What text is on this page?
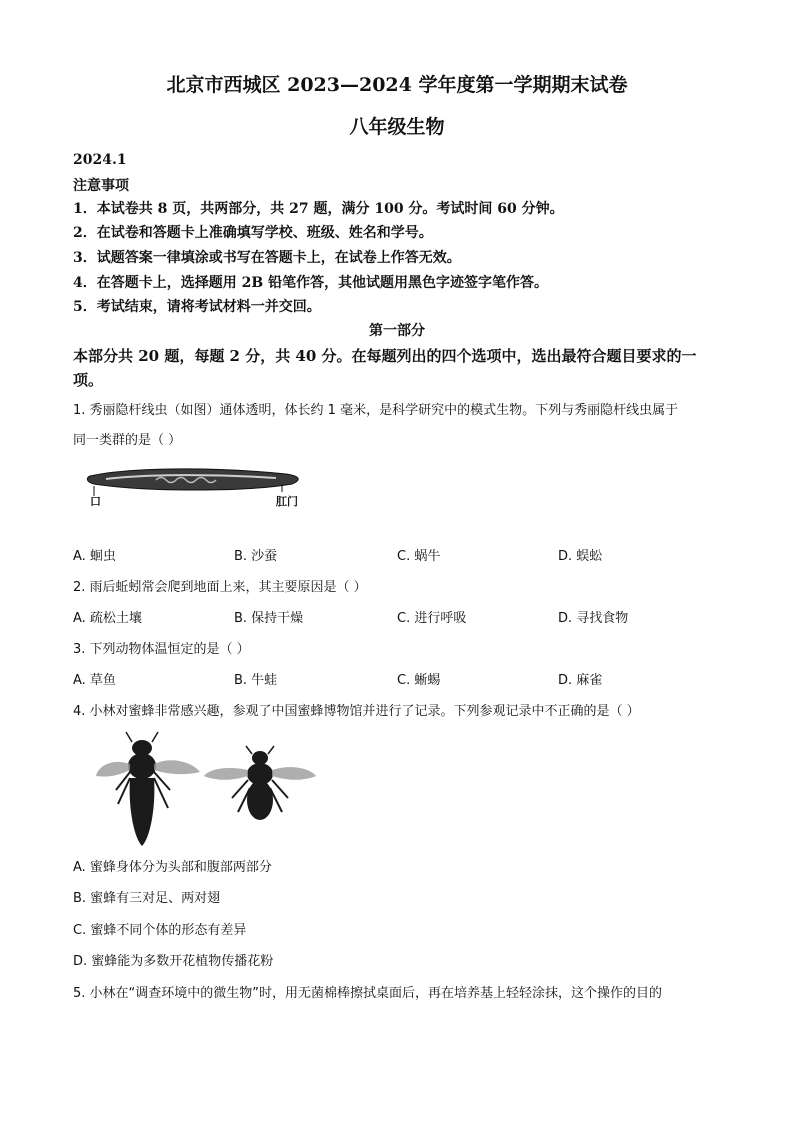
北京市西城区 2023—2024 学年度第一学期期末试卷
八年级生物
2024.1
注意事项
1．本试卷共 8 页，共两部分，共 27 题，满分 100 分。考试时间 60 分钟。
2．在试卷和答题卡上准确填写学校、班级、姓名和学号。
3．试题答案一律填涂或书写在答题卡上，在试卷上作答无效。
4．在答题卡上，选择题用 2B 铅笔作答，其他试题用黑色字迹签字笔作答。
5．考试结束，请将考试材料一并交回。
第一部分
本部分共 20 题，每题 2 分，共 40 分。在每题列出的四个选项中，选出最符合题目要求的一
项。
1. 秀丽隐杆线虫（如图）通体透明，体长约 1 毫米，是科学研究中的模式生物。下列与秀丽隐杆线虫属于
同一类群的是（ ）
口	肛门
A. 蛔虫	B. 沙蚕	C. 蜗牛	D. 蜈蚣
2. 雨后蚯蚓常会爬到地面上来，其主要原因是（ ）
A. 疏松土壤	B. 保持干燥	C. 进行呼吸	D. 寻找食物
3. 下列动物体温恒定的是（ ）
A. 草鱼	B. 牛蛙	C. 蜥蜴	D. 麻雀
4. 小林对蜜蜂非常感兴趣，参观了中国蜜蜂博物馆并进行了记录。下列参观记录中不正确的是（ ）
A. 蜜蜂身体分为头部和腹部两部分
B. 蜜蜂有三对足、两对翅
C. 蜜蜂不同个体的形态有差异
D. 蜜蜂能为多数开花植物传播花粉
5. 小林在“调查环境中的微生物”时，用无菌棉棒擦拭桌面后，再在培养基上轻轻涂抹，这个操作的目的
